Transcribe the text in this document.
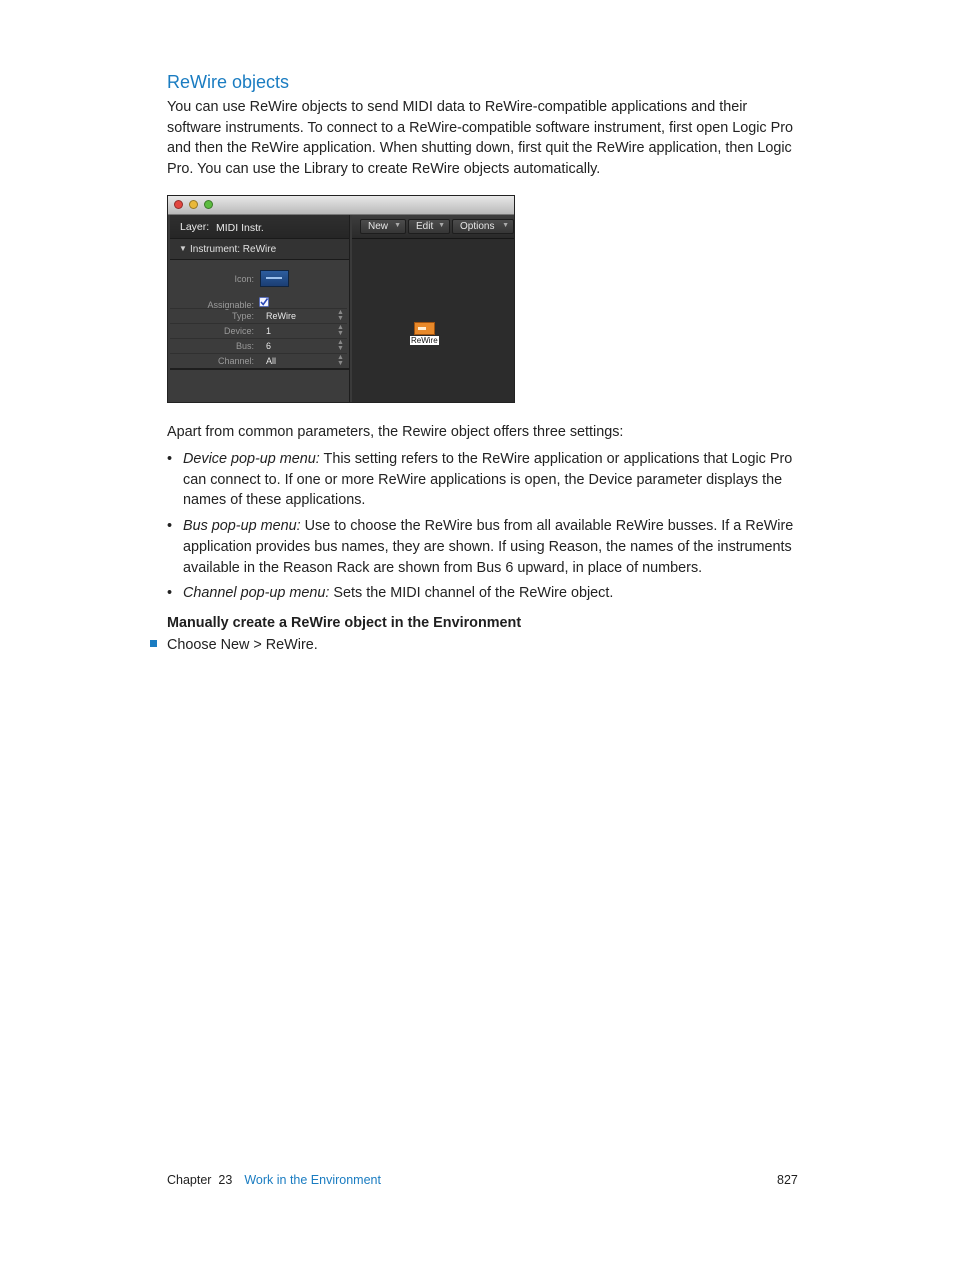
ReWire objects

You can use ReWire objects to send MIDI data to ReWire-compatible applications and their software instruments. To connect to a ReWire-compatible software instrument, first open Logic Pro and then the ReWire application. When shutting down, first quit the ReWire application, then Logic Pro. You can use the Library to create ReWire objects automatically.

Layer: MIDI Instr.
▼ Instrument: ReWire
Icon:
Assignable:
Type: ReWire	▲
▼
Device: 1	▲
▼
Bus: 6	▲
▼
Channel: All	▲
▼
New ▼	Edit ▼	Options ▼
ReWire

Apart from common parameters, the Rewire object offers three settings:

• Device pop-up menu: This setting refers to the ReWire application or applications that Logic Pro can connect to. If one or more ReWire applications is open, the Device parameter displays the names of these applications.
• Bus pop-up menu: Use to choose the ReWire bus from all available ReWire busses. If a ReWire application provides bus names, they are shown. If using Reason, the names of the instruments available in the Reason Rack are shown from Bus 6 upward, in place of numbers.
• Channel pop-up menu: Sets the MIDI channel of the ReWire object.
Manually create a ReWire object in the Environment
Choose New > ReWire.
Chapter  23 Work in the Environment	827
